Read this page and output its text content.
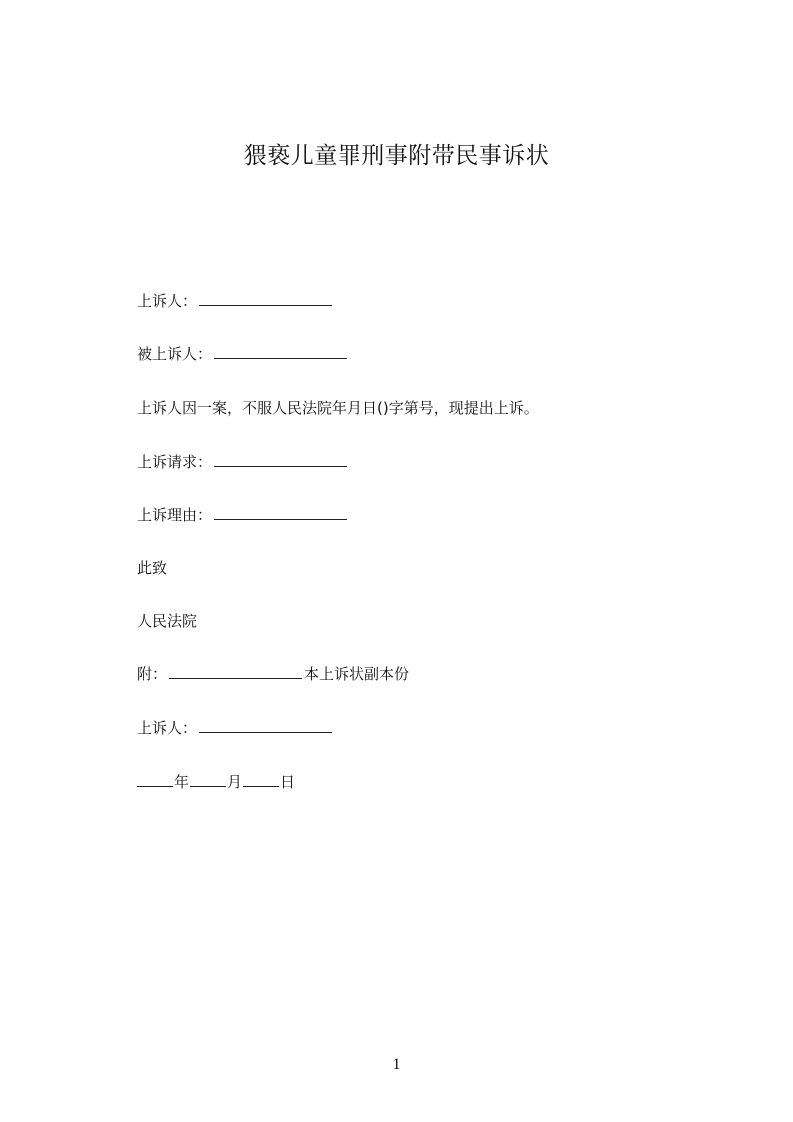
猥亵儿童罪刑事附带民事诉状
上诉人：
被上诉人：
上诉人因一案，不服人民法院年月日()字第号，现提出上诉。
上诉请求：
上诉理由：
此致
人民法院
附：	本上诉状副本份
上诉人：
年	月	日
1
